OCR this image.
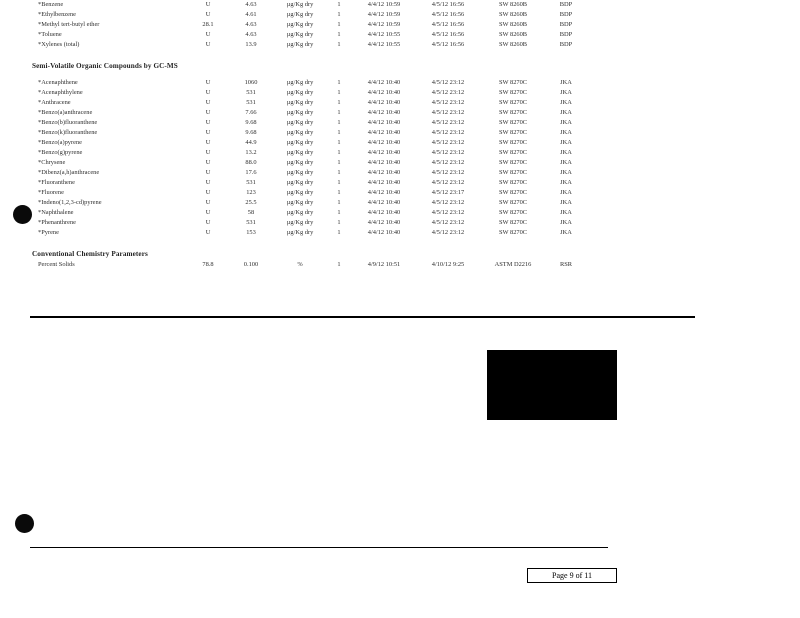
*Benzene	U	4.63	µg/Kg dry	1	4/4/12 10:59	4/5/12 16:56	SW 8260B	BDP
*Ethylbenzene	U	4.61	µg/Kg dry	1	4/4/12 10:59	4/5/12 16:56	SW 8260B	BDP
*Methyl tert-butyl ether	28.1	4.63	µg/Kg dry	1	4/4/12 10:59	4/5/12 16:56	SW 8260B	BDP
*Toluene	U	4.63	µg/Kg dry	1	4/4/12 10:55	4/5/12 16:56	SW 8260B	BDP
*Xylenes (total)	U	13.9	µg/Kg dry	1	4/4/12 10:55	4/5/12 16:56	SW 8260B	BDP
Semi-Volatile Organic Compounds by GC-MS
*Acenaphthene	U	1060	µg/Kg dry	1	4/4/12 10:40	4/5/12 23:12	SW 8270C	JKA
*Acenaphthylene	U	531	µg/Kg dry	1	4/4/12 10:40	4/5/12 23:12	SW 8270C	JKA
*Anthracene	U	531	µg/Kg dry	1	4/4/12 10:40	4/5/12 23:12	SW 8270C	JKA
*Benzo(a)anthracene	U	7.66	µg/Kg dry	1	4/4/12 10:40	4/5/12 23:12	SW 8270C	JKA
*Benzo(b)fluoranthene	U	9.68	µg/Kg dry	1	4/4/12 10:40	4/5/12 23:12	SW 8270C	JKA
*Benzo(k)fluoranthene	U	9.68	µg/Kg dry	1	4/4/12 10:40	4/5/12 23:12	SW 8270C	JKA
*Benzo(a)pyrene	U	44.9	µg/Kg dry	1	4/4/12 10:40	4/5/12 23:12	SW 8270C	JKA
*Benzo(g)pyrene	U	13.2	µg/Kg dry	1	4/4/12 10:40	4/5/12 23:12	SW 8270C	JKA
*Chrysene	U	88.0	µg/Kg dry	1	4/4/12 10:40	4/5/12 23:12	SW 8270C	JKA
*Dibenz(a,h)anthracene	U	17.6	µg/Kg dry	1	4/4/12 10:40	4/5/12 23:12	SW 8270C	JKA
*Fluoranthene	U	531	µg/Kg dry	1	4/4/12 10:40	4/5/12 23:12	SW 8270C	JKA
*Fluorene	U	123	µg/Kg dry	1	4/4/12 10:40	4/5/12 23:17	SW 8270C	JKA
*Indeno(1,2,3-cd)pyrene	U	25.5	µg/Kg dry	1	4/4/12 10:40	4/5/12 23:12	SW 8270C	JKA
*Naphthalene	U	58	µg/Kg dry	1	4/4/12 10:40	4/5/12 23:12	SW 8270C	JKA
*Phenanthrene	U	531	µg/Kg dry	1	4/4/12 10:40	4/5/12 23:12	SW 8270C	JKA
*Pyrene	U	153	µg/Kg dry	1	4/4/12 10:40	4/5/12 23:12	SW 8270C	JKA
Conventional Chemistry Parameters
Percent Solids	78.8	0.100	%	1	4/9/12 10:51	4/10/12 9:25	ASTM D2216	RSR
Page 9 of 11
